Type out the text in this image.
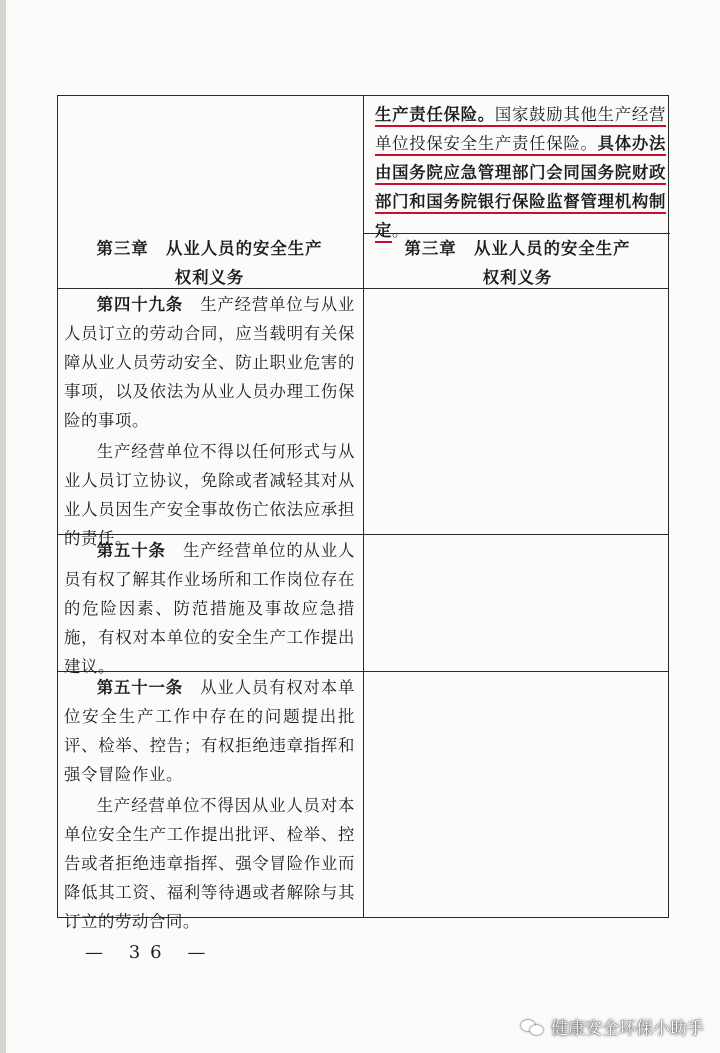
生产责任保险。国家鼓励其他生产经营单位投保安全生产责任保险。具体办法由国务院应急管理部门会同国务院财政部门和国务院银行保险监督管理机构制定。

第三章　从业人员的安全生产
权利义务
第三章　从业人员的安全生产
权利义务

第四十九条　 生产经营单位与从业人员订立的劳动合同，应当载明有关保障从业人员劳动安全、防止职业危害的事项，以及依法为从业人员办理工伤保险的事项。

生产经营单位不得以任何形式与从业人员订立协议，免除或者减轻其对从业人员因生产安全事故伤亡依法应承担的责任。

第五十条　 生产经营单位的从业人员有权了解其作业场所和工作岗位存在的危险因素、防范措施及事故应急措施，有权对本单位的安全生产工作提出建议。

第五十一条　 从业人员有权对本单位安全生产工作中存在的问题提出批评、检举、控告；有权拒绝违章指挥和强令冒险作业。

生产经营单位不得因从业人员对本单位安全生产工作提出批评、检举、控告或者拒绝违章指挥、强令冒险作业而降低其工资、福利等待遇或者解除与其订立的劳动合同。

— 36 —
健康安全环保小助手
